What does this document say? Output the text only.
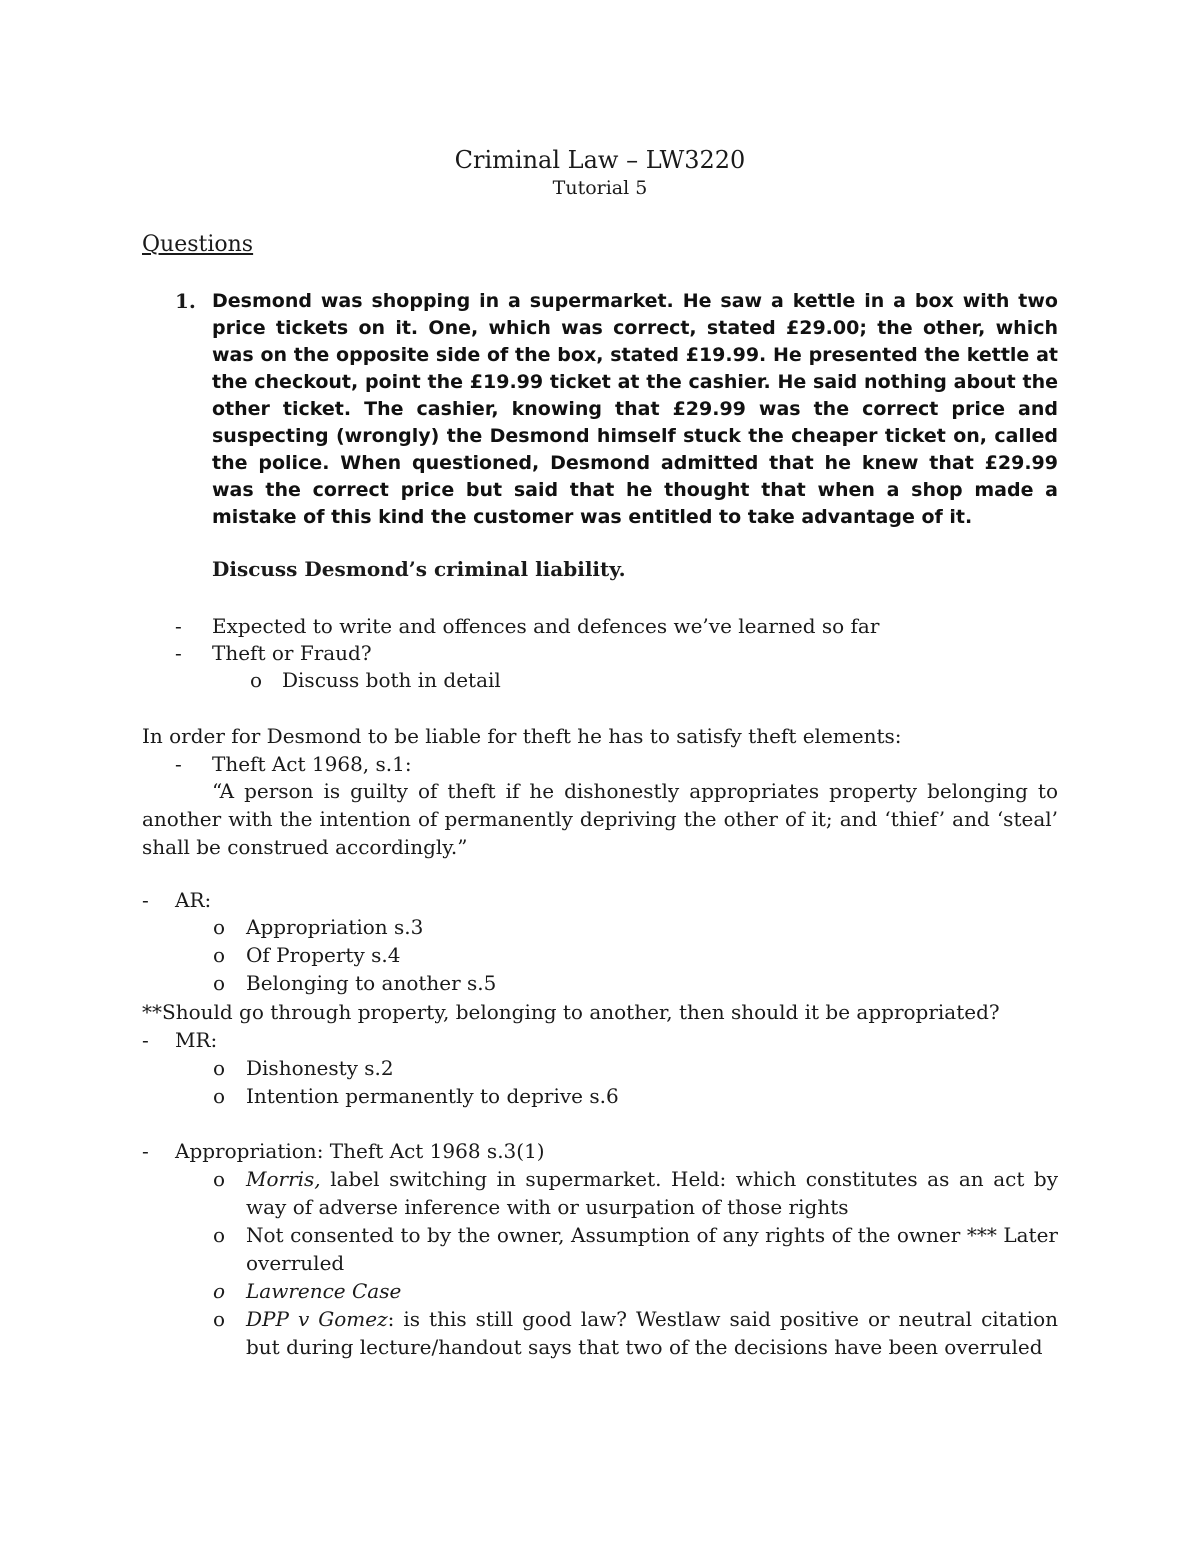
Criminal Law – LW3220
Tutorial 5
Questions
1. Desmond was shopping in a supermarket. He saw a kettle in a box with two price tickets on it. One, which was correct, stated £29.00; the other, which was on the opposite side of the box, stated £19.99. He presented the kettle at the checkout, point the £19.99 ticket at the cashier. He said nothing about the other ticket. The cashier, knowing that £29.99 was the correct price and suspecting (wrongly) the Desmond himself stuck the cheaper ticket on, called the police. When questioned, Desmond admitted that he knew that £29.99 was the correct price but said that he thought that when a shop made a mistake of this kind the customer was entitled to take advantage of it.
Discuss Desmond’s criminal liability.
- Expected to write and offences and defences we’ve learned so far
- Theft or Fraud?
o Discuss both in detail
In order for Desmond to be liable for theft he has to satisfy theft elements:
- Theft Act 1968, s.1:
“A person is guilty of theft if he dishonestly appropriates property belonging to another with the intention of permanently depriving the other of it; and ‘thief’ and ‘steal’ shall be construed accordingly.”
- AR:
o Appropriation s.3
o Of Property s.4
o Belonging to another s.5
**Should go through property, belonging to another, then should it be appropriated?
- MR:
o Dishonesty s.2
o Intention permanently to deprive s.6
- Appropriation: Theft Act 1968 s.3(1)
o Morris, label switching in supermarket. Held: which constitutes as an act by way of adverse inference with or usurpation of those rights
o Not consented to by the owner, Assumption of any rights of the owner *** Later overruled
o Lawrence Case
o DPP v Gomez: is this still good law? Westlaw said positive or neutral citation but during lecture/handout says that two of the decisions have been overruled
